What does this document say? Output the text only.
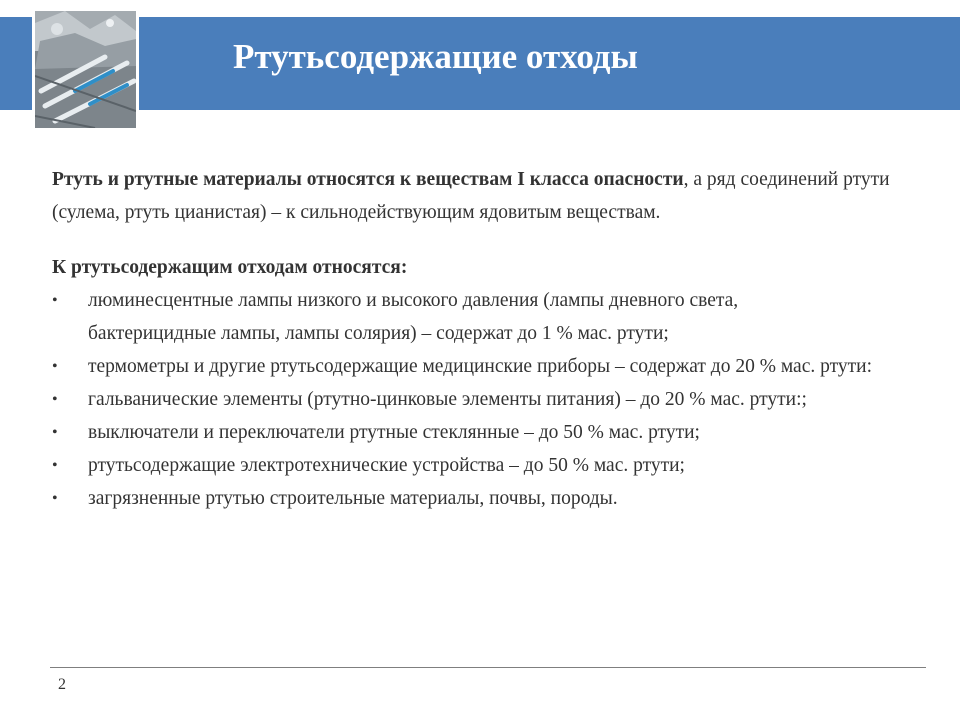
Ртутьсодержащие отходы

Ртуть и ртутные материалы относятся к веществам I класса опасности, а ряд соединений ртути (сулема, ртуть цианистая) – к сильнодействующим ядовитым веществам.

К ртутьсодержащим отходам относятся:

• люминесцентные лампы низкого и высокого давления (лампы дневного света,
бактерицидные лампы, лампы солярия) – содержат до 1 % мас. ртути;
• термометры и другие ртутьсодержащие медицинские приборы – содержат до 20 % мас. ртути:
• гальванические элементы (ртутно-цинковые элементы питания) – до 20 % мас. ртути:;
• выключатели и переключатели ртутные стеклянные – до 50 % мас. ртути;
• ртутьсодержащие электротехнические устройства – до 50 % мас. ртути;
• загрязненные ртутью строительные материалы, почвы, породы.
2
